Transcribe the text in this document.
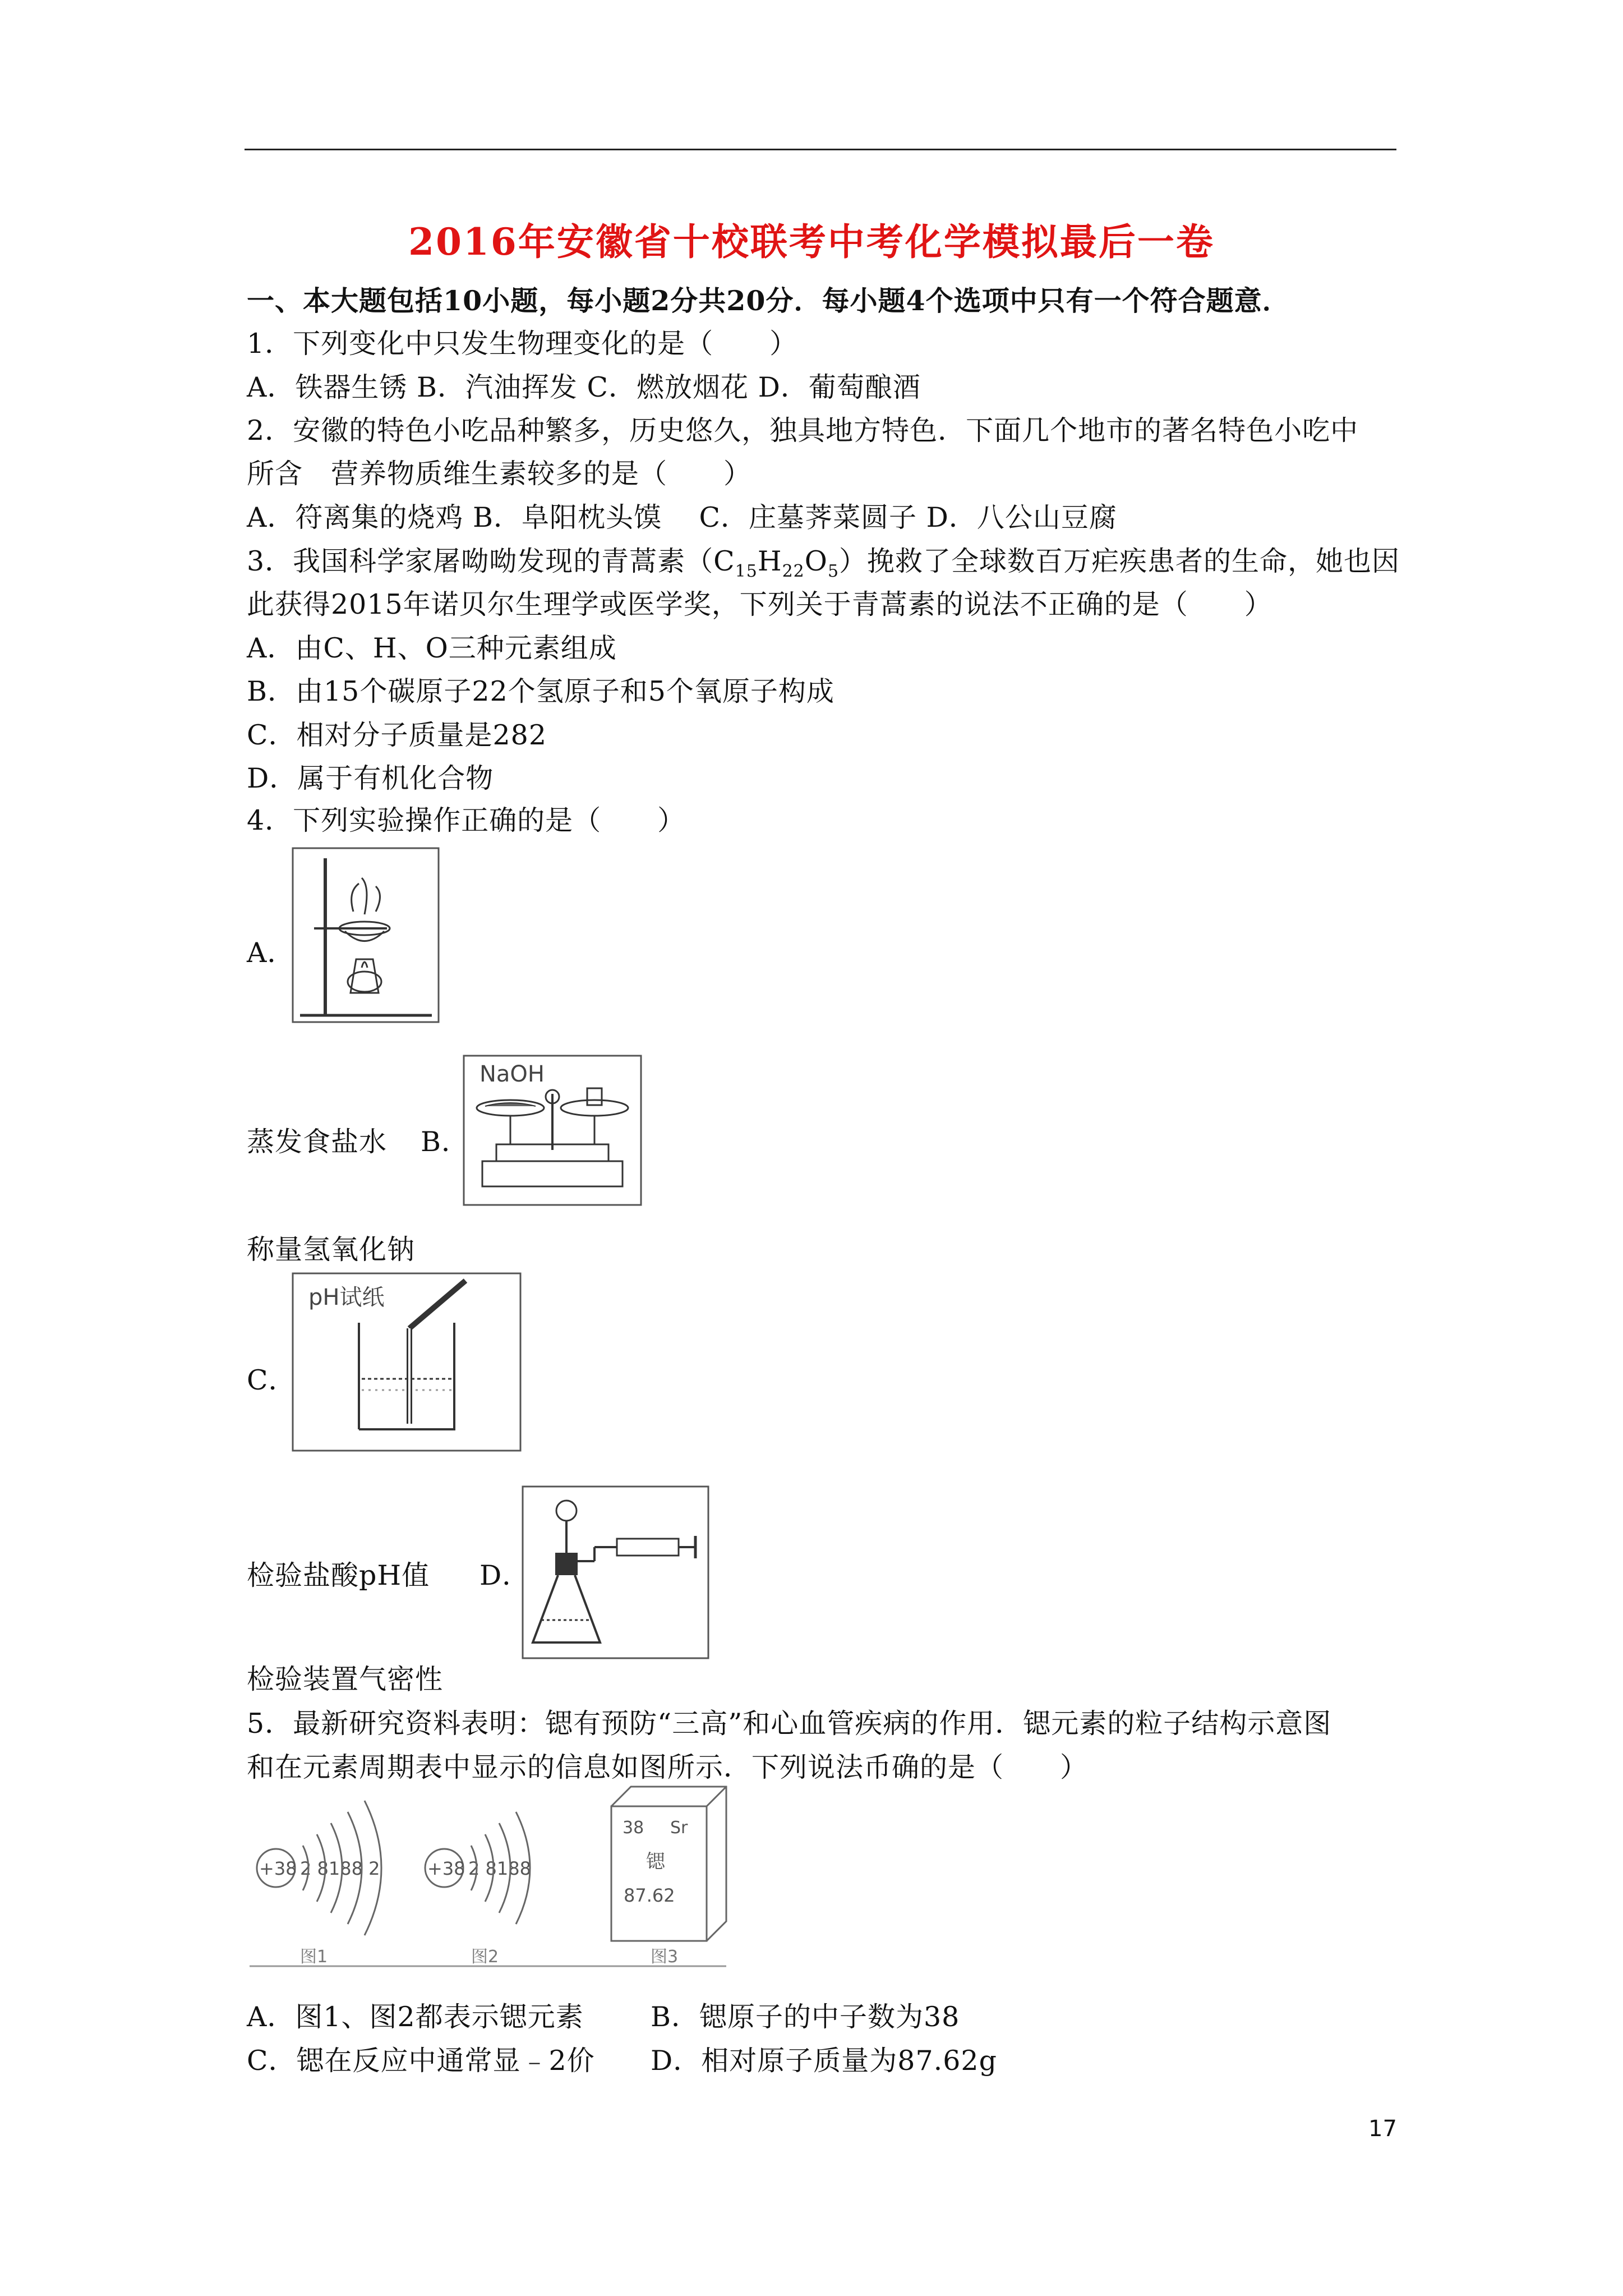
2016年安徽省十校联考中考化学模拟最后一卷
一、本大题包括10小题，每小题2分共20分．每小题4个选项中只有一个符合题意．
1．下列变化中只发生物理变化的是（　　）
A．铁器生锈 B．汽油挥发 C．燃放烟花 D．葡萄酿酒
2．安徽的特色小吃品种繁多，历史悠久，独具地方特色．下面几个地市的著名特色小吃中
所含　营养物质维生素较多的是（　　）
A．符离集的烧鸡 B．阜阳枕头馍　 C．庄墓荠菜圆子 D．八公山豆腐
3．我国科学家屠呦呦发现的青蒿素$(C_{15}H_{22}O_5)$挽救了全球数百万疟疾患者的生命，她也因
此获得2015年诺贝尔生理学或医学奖，下列关于青蒿素的说法不正确的是（　　）
A．由C、H、O三种元素组成
B．由15个碳原子22个氢原子和5个氧原子构成
C．相对分子质量是282
D．属于有机化合物
4．下列实验操作正确的是（　　）
A．
蒸发食盐水 B．
NaOH
称量氢氧化钠
C．
pH试纸
检验盐酸pH值 D．
检验装置气密性
5．最新研究资料表明：锶有预防“三高”和心血管疾病的作用．锶元素的粒子结构示意图
和在元素周期表中显示的信息如图所示．下列说法币确的是（　　）
+38 2 8188 2
图1
+38 2 8188
图2
38 Sr
锶
87.62
图3
A．图1、图2都表示锶元素 B．锶原子的中子数为38
C．锶在反应中通常显﹣2价 D．相对原子质量为87.62g
17
